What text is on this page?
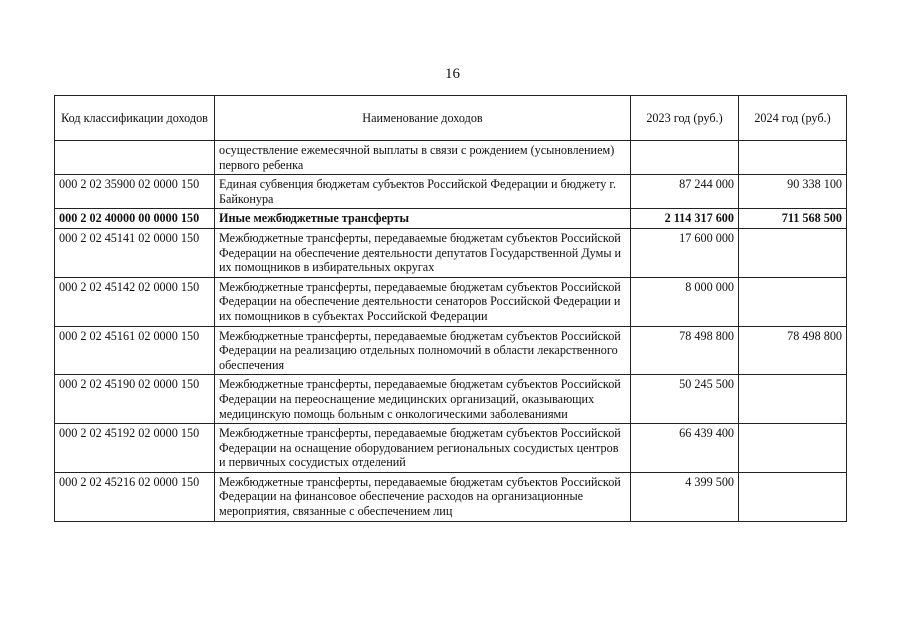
16
Код классификации доходов	Наименование доходов	2023 год (руб.)	2024 год (руб.)
	осуществление ежемесячной выплаты в связи с рождением (усыновлением) первого ребенка		
000 2 02 35900 02 0000 150	Единая субвенция бюджетам субъектов Российской Федерации и бюджету г. Байконура	87 244 000	90 338 100
000 2 02 40000 00 0000 150	Иные межбюджетные трансферты	2 114 317 600	711 568 500
000 2 02 45141 02 0000 150	Межбюджетные трансферты, передаваемые бюджетам субъектов Российской Федерации на обеспечение деятельности депутатов Государственной Думы и их помощников в избирательных округах	17 600 000	
000 2 02 45142 02 0000 150	Межбюджетные трансферты, передаваемые бюджетам субъектов Российской Федерации на обеспечение деятельности сенаторов Российской Федерации и их помощников в субъектах Российской Федерации	8 000 000	
000 2 02 45161 02 0000 150	Межбюджетные трансферты, передаваемые бюджетам субъектов Российской Федерации на реализацию отдельных полномочий в области лекарственного обеспечения	78 498 800	78 498 800
000 2 02 45190 02 0000 150	Межбюджетные трансферты, передаваемые бюджетам субъектов Российской Федерации на переоснащение медицинских организаций, оказывающих медицинскую помощь больным с онкологическими заболеваниями	50 245 500	
000 2 02 45192 02 0000 150	Межбюджетные трансферты, передаваемые бюджетам субъектов Российской Федерации на оснащение оборудованием региональных сосудистых центров и первичных сосудистых отделений	66 439 400	
000 2 02 45216 02 0000 150	Межбюджетные трансферты, передаваемые бюджетам субъектов Российской Федерации на финансовое обеспечение расходов на организационные мероприятия, связанные с обеспечением лиц	4 399 500	
